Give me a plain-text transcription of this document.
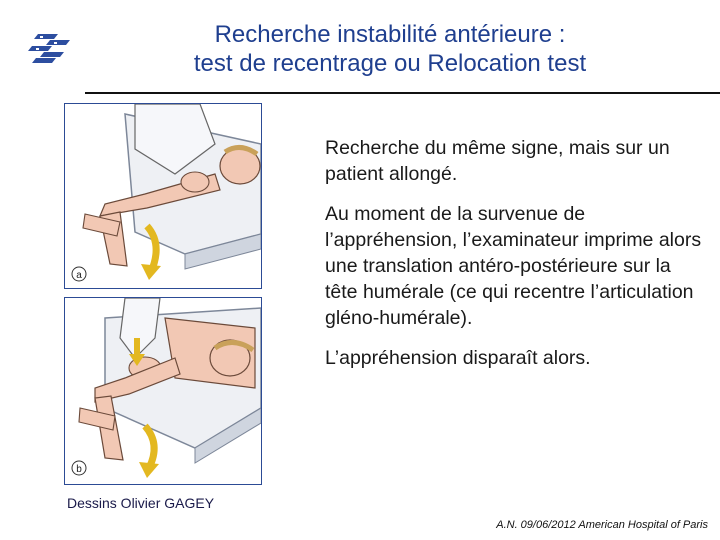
Recherche instabilité antérieure :
test de recentrage ou Relocation test
a
b

Recherche du même signe, mais sur un patient allongé.

Au moment de la survenue de l’appréhension, l’examinateur imprime alors une translation antéro-postérieure sur la tête humérale (ce qui recentre l’articulation gléno-humérale).

L’appréhension disparaît alors.

Dessins Olivier GAGEY
A.N. 09/06/2012 American Hospital of Paris
